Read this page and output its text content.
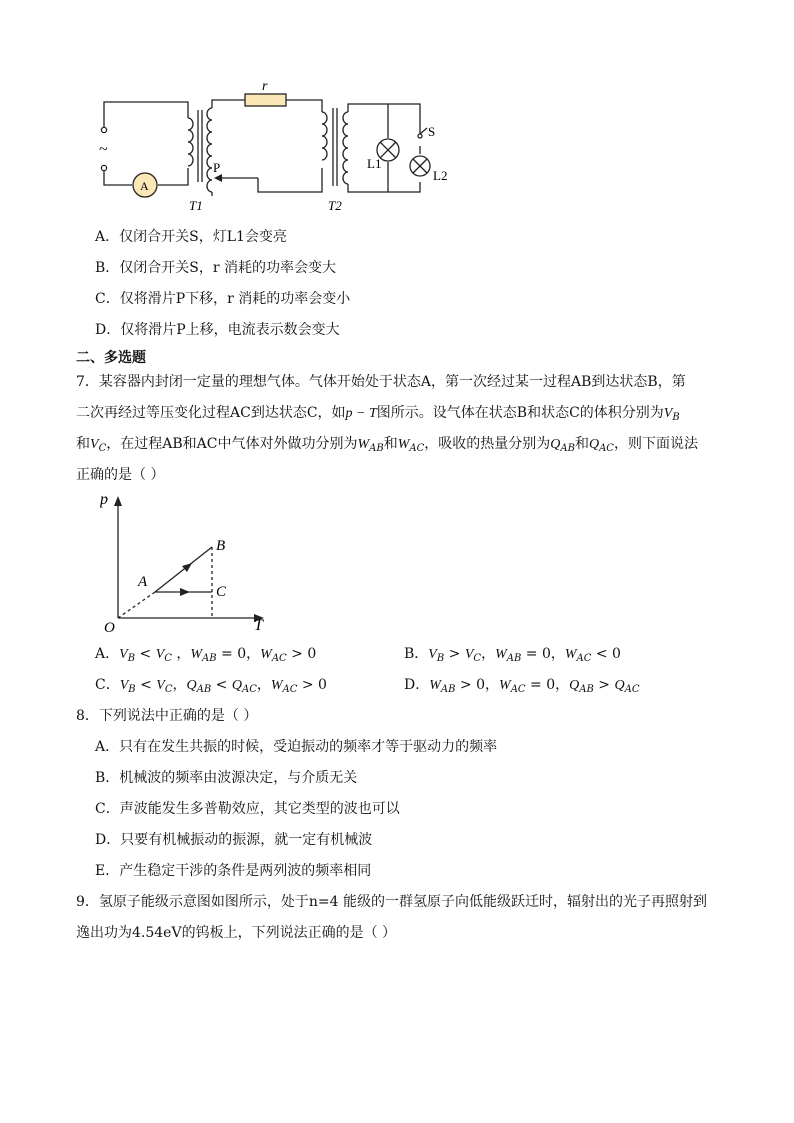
r
~
A
P
S
T1	T2
L1
L2
A．仅闭合开关S，灯L1会变亮
B．仅闭合开关S，r 消耗的功率会变大
C．仅将滑片P下移，r 消耗的功率会变小
D．仅将滑片P上移，电流表示数会变大
二、多选题
7．某容器内封闭一定量的理想气体。气体开始处于状态A，第一次经过某一过程AB到达状态B，第
二次再经过等压变化过程AC到达状态C，如p − T图所示。设气体在状态B和状态C的体积分别为$V_B$
和$V_C$，在过程AB和AC中气体对外做功分别为$W_{AB}$和$W_{AC}$，吸收的热量分别为$Q_{AB}$和$Q_{AC}$，则下面说法
正确的是（ ）
p
T
O
A
B
C
A．$V_B < V_C$ ，$W_{AB} = 0$，$W_{AC} > 0$	B．$V_B > V_C$，$W_{AB} = 0$，$W_{AC} < 0$
C．$V_B < V_C$，$Q_{AB} < Q_{AC}$，$W_{AC} > 0$	D．$W_{AB} > 0$，$W_{AC} = 0$，$Q_{AB} > Q_{AC}$
8．下列说法中正确的是（ ）
A．只有在发生共振的时候，受迫振动的频率才等于驱动力的频率
B．机械波的频率由波源决定，与介质无关
C．声波能发生多普勒效应，其它类型的波也可以
D．只要有机械振动的振源，就一定有机械波
E．产生稳定干涉的条件是两列波的频率相同
9．氢原子能级示意图如图所示，处于n=4 能级的一群氢原子向低能级跃迁时，辐射出的光子再照射到
逸出功为4.54eV的钨板上，下列说法正确的是（ ）
